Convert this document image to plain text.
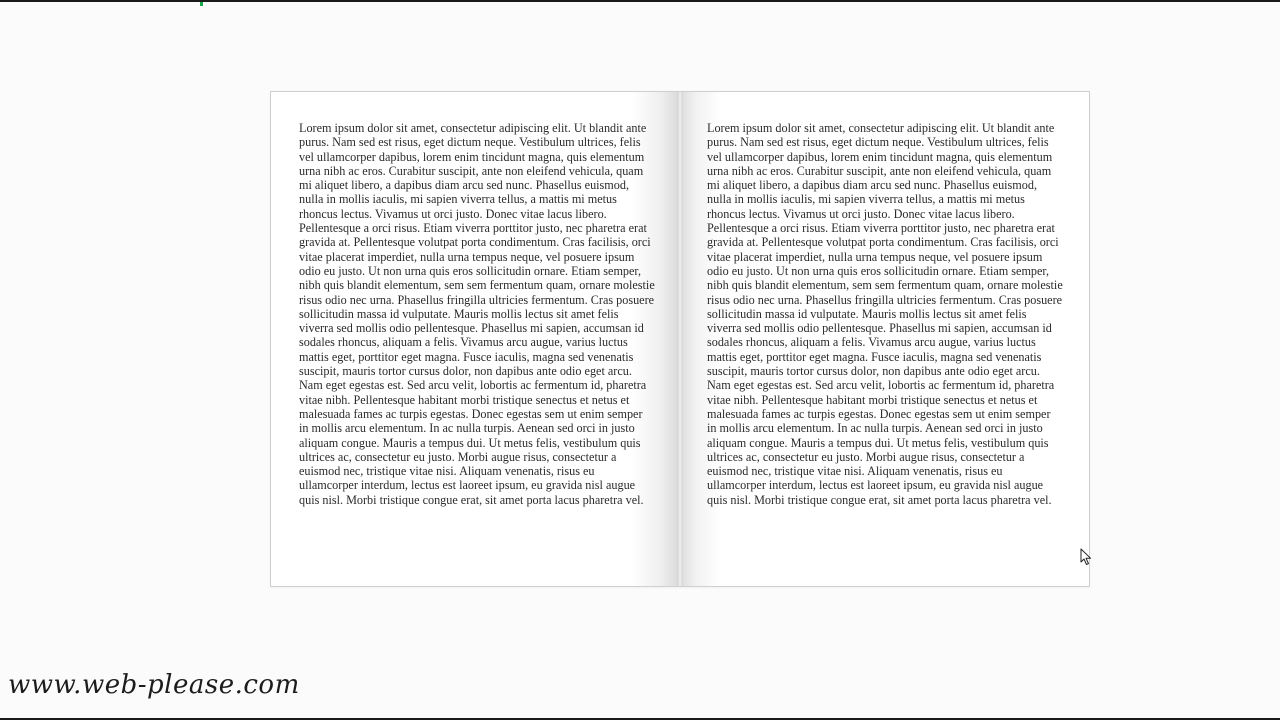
Lorem ipsum dolor sit amet, consectetur adipiscing elit. Ut blandit ante purus. Nam sed est risus, eget dictum neque. Vestibulum ultrices, felis vel ullamcorper dapibus, lorem enim tincidunt magna, quis elementum urna nibh ac eros. Curabitur suscipit, ante non eleifend vehicula, quam mi aliquet libero, a dapibus diam arcu sed nunc. Phasellus euismod, nulla in mollis iaculis, mi sapien viverra tellus, a mattis mi metus rhoncus lectus. Vivamus ut orci justo. Donec vitae lacus libero. Pellentesque a orci risus. Etiam viverra porttitor justo, nec pharetra erat gravida at. Pellentesque volutpat porta condimentum. Cras facilisis, orci vitae placerat imperdiet, nulla urna tempus neque, vel posuere ipsum odio eu justo. Ut non urna quis eros sollicitudin ornare. Etiam semper, nibh quis blandit elementum, sem sem fermentum quam, ornare molestie risus odio nec urna. Phasellus fringilla ultricies fermentum. Cras posuere sollicitudin massa id vulputate. Mauris mollis lectus sit amet felis viverra sed mollis odio pellentesque. Phasellus mi sapien, accumsan id sodales rhoncus, aliquam a felis. Vivamus arcu augue, varius luctus mattis eget, porttitor eget magna. Fusce iaculis, magna sed venenatis suscipit, mauris tortor cursus dolor, non dapibus ante odio eget arcu. Nam eget egestas est. Sed arcu velit, lobortis ac fermentum id, pharetra vitae nibh. Pellentesque habitant morbi tristique senectus et netus et malesuada fames ac turpis egestas. Donec egestas sem ut enim semper in mollis arcu elementum. In ac nulla turpis. Aenean sed orci in justo aliquam congue. Mauris a tempus dui. Ut metus felis, vestibulum quis ultrices ac, consectetur eu justo. Morbi augue risus, consectetur a euismod nec, tristique vitae nisi. Aliquam venenatis, risus eu ullamcorper interdum, lectus est laoreet ipsum, eu gravida nisl augue quis nisl. Morbi tristique congue erat, sit amet porta lacus pharetra vel.

Lorem ipsum dolor sit amet, consectetur adipiscing elit. Ut blandit ante purus. Nam sed est risus, eget dictum neque. Vestibulum ultrices, felis vel ullamcorper dapibus, lorem enim tincidunt magna, quis elementum urna nibh ac eros. Curabitur suscipit, ante non eleifend vehicula, quam mi aliquet libero, a dapibus diam arcu sed nunc. Phasellus euismod, nulla in mollis iaculis, mi sapien viverra tellus, a mattis mi metus rhoncus lectus. Vivamus ut orci justo. Donec vitae lacus libero. Pellentesque a orci risus. Etiam viverra porttitor justo, nec pharetra erat gravida at. Pellentesque volutpat porta condimentum. Cras facilisis, orci vitae placerat imperdiet, nulla urna tempus neque, vel posuere ipsum odio eu justo. Ut non urna quis eros sollicitudin ornare. Etiam semper, nibh quis blandit elementum, sem sem fermentum quam, ornare molestie risus odio nec urna. Phasellus fringilla ultricies fermentum. Cras posuere sollicitudin massa id vulputate. Mauris mollis lectus sit amet felis viverra sed mollis odio pellentesque. Phasellus mi sapien, accumsan id sodales rhoncus, aliquam a felis. Vivamus arcu augue, varius luctus mattis eget, porttitor eget magna. Fusce iaculis, magna sed venenatis suscipit, mauris tortor cursus dolor, non dapibus ante odio eget arcu. Nam eget egestas est. Sed arcu velit, lobortis ac fermentum id, pharetra vitae nibh. Pellentesque habitant morbi tristique senectus et netus et malesuada fames ac turpis egestas. Donec egestas sem ut enim semper in mollis arcu elementum. In ac nulla turpis. Aenean sed orci in justo aliquam congue. Mauris a tempus dui. Ut metus felis, vestibulum quis ultrices ac, consectetur eu justo. Morbi augue risus, consectetur a euismod nec, tristique vitae nisi. Aliquam venenatis, risus eu ullamcorper interdum, lectus est laoreet ipsum, eu gravida nisl augue quis nisl. Morbi tristique congue erat, sit amet porta lacus pharetra vel.

www.web-please.com
